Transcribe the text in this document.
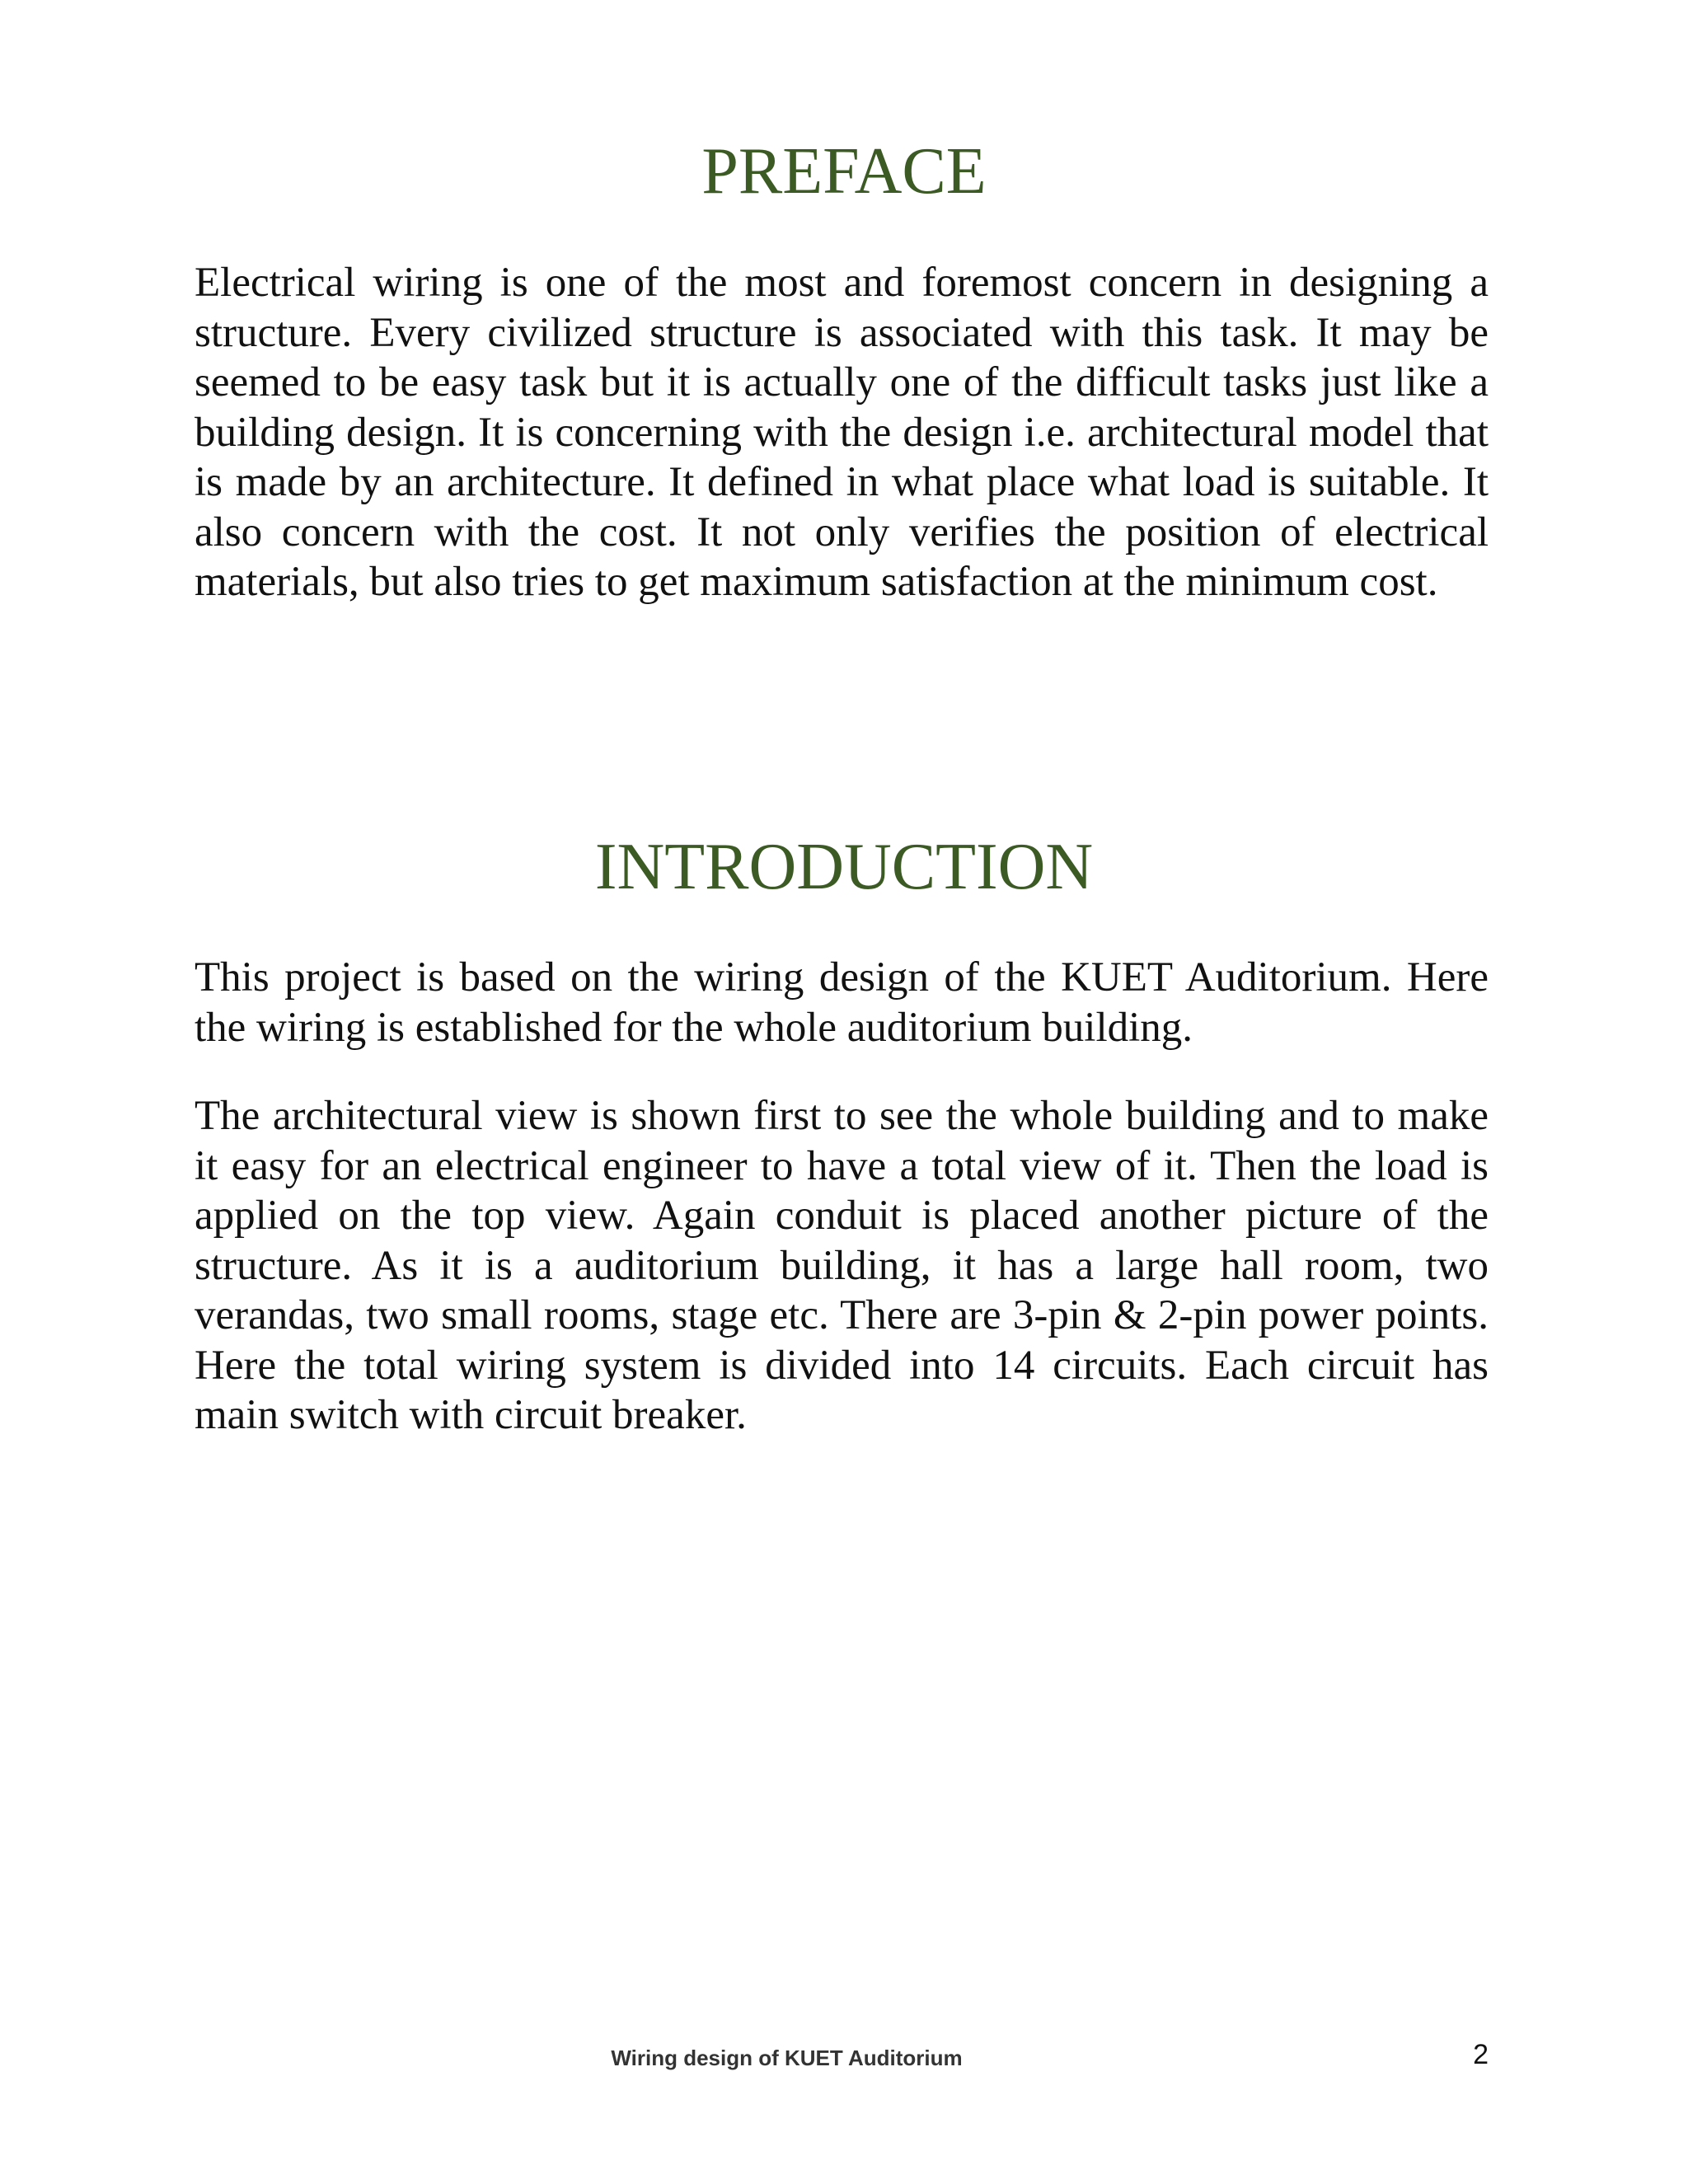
PREFACE

Electrical wiring is one of the most and foremost concern in designing a structure. Every civilized structure is associated with this task. It may be seemed to be easy task but it is actually one of the difficult tasks just like a building design. It is concerning with the design i.e. architectural model that is made by an architecture. It defined in what place what load is suitable. It also concern with the cost. It not only verifies the position of electrical materials, but also tries to get maximum satisfaction at the minimum cost.

INTRODUCTION

This project is based on the wiring design of the KUET Auditorium. Here the wiring is established for the whole auditorium building.

The architectural view is shown first to see the whole building and to make it easy for an electrical engineer to have a total view of it. Then the load is applied on the top view. Again conduit is placed another picture of the structure. As it is a auditorium building, it has a large hall room, two verandas, two small rooms, stage etc. There are 3-pin & 2-pin power points. Here the total wiring system is divided into 14 circuits. Each circuit has main switch with circuit breaker.

Wiring design of KUET Auditorium	2
